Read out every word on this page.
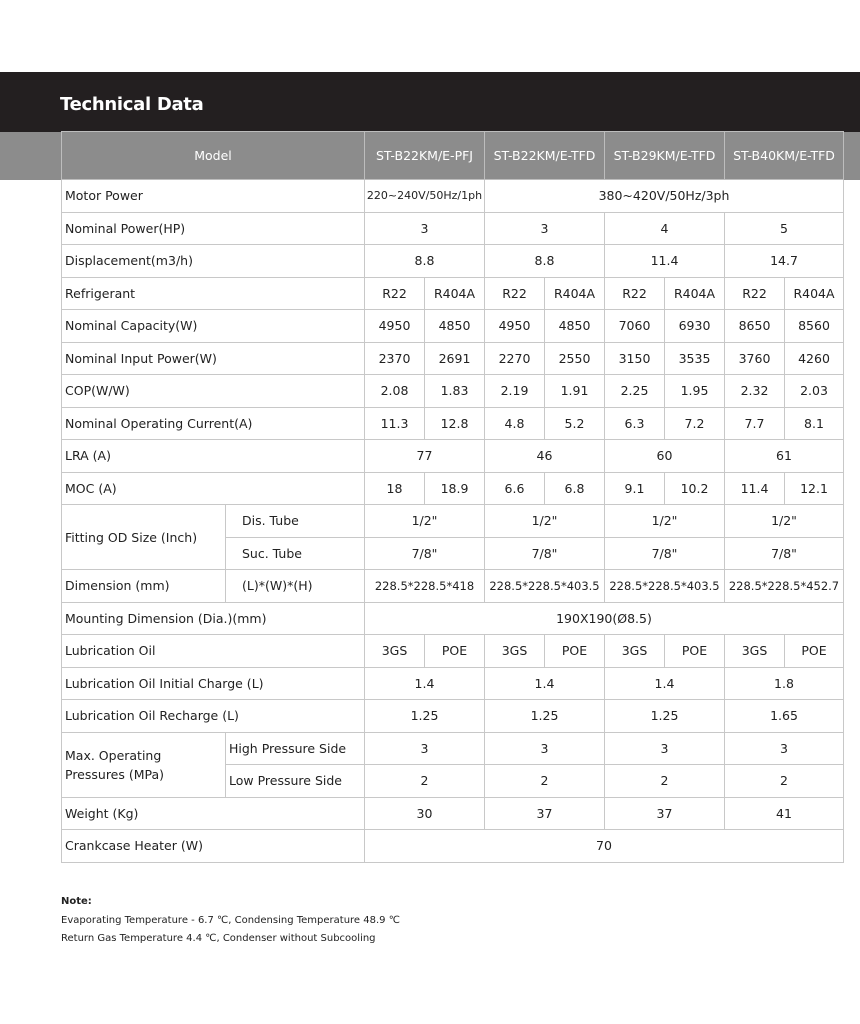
Technical Data
Model		ST-B22KM/E-PFJ		ST-B22KM/E-TFD		ST-B29KM/E-TFD		ST-B40KM/E-TFD	
Motor Power		220~240V/50Hz/1ph		380~420V/50Hz/3ph					
Nominal Power(HP)		3		3		4		5	
Displacement(m3/h)		8.8		8.8		11.4		14.7	
Refrigerant		R22	R404A	R22	R404A	R22	R404A	R22	R404A
Nominal Capacity(W)		4950	4850	4950	4850	7060	6930	8650	8560
Nominal Input Power(W)		2370	2691	2270	2550	3150	3535	3760	4260
COP(W/W)		2.08	1.83	2.19	1.91	2.25	1.95	2.32	2.03
Nominal Operating Current(A)		11.3	12.8	4.8	5.2	6.3	7.2	7.7	8.1
LRA (A)		77		46		60		61	
MOC (A)		18	18.9	6.6	6.8	9.1	10.2	11.4	12.1
Fitting OD Size (Inch)	Dis. Tube	1/2"		1/2"		1/2"		1/2"	
	Suc. Tube	7/8"		7/8"		7/8"		7/8"	
Dimension (mm)	(L)*(W)*(H)	228.5*228.5*418		228.5*228.5*403.5		228.5*228.5*403.5		228.5*228.5*452.7	
Mounting Dimension (Dia.)(mm)		190X190(Ø8.5)							
Lubrication Oil		3GS	POE	3GS	POE	3GS	POE	3GS	POE
Lubrication Oil Initial Charge (L)		1.4		1.4		1.4		1.8	
Lubrication Oil Recharge (L)		1.25		1.25		1.25		1.65	
Max. Operating Pressures (MPa)	High Pressure Side	3		3		3		3	
	Low Pressure Side	2		2		2		2	
Weight (Kg)		30		37		37		41	
Crankcase Heater (W)		70							
Note:
Evaporating Temperature - 6.7 ℃, Condensing Temperature 48.9 ℃
Return Gas Temperature 4.4 ℃, Condenser without Subcooling
